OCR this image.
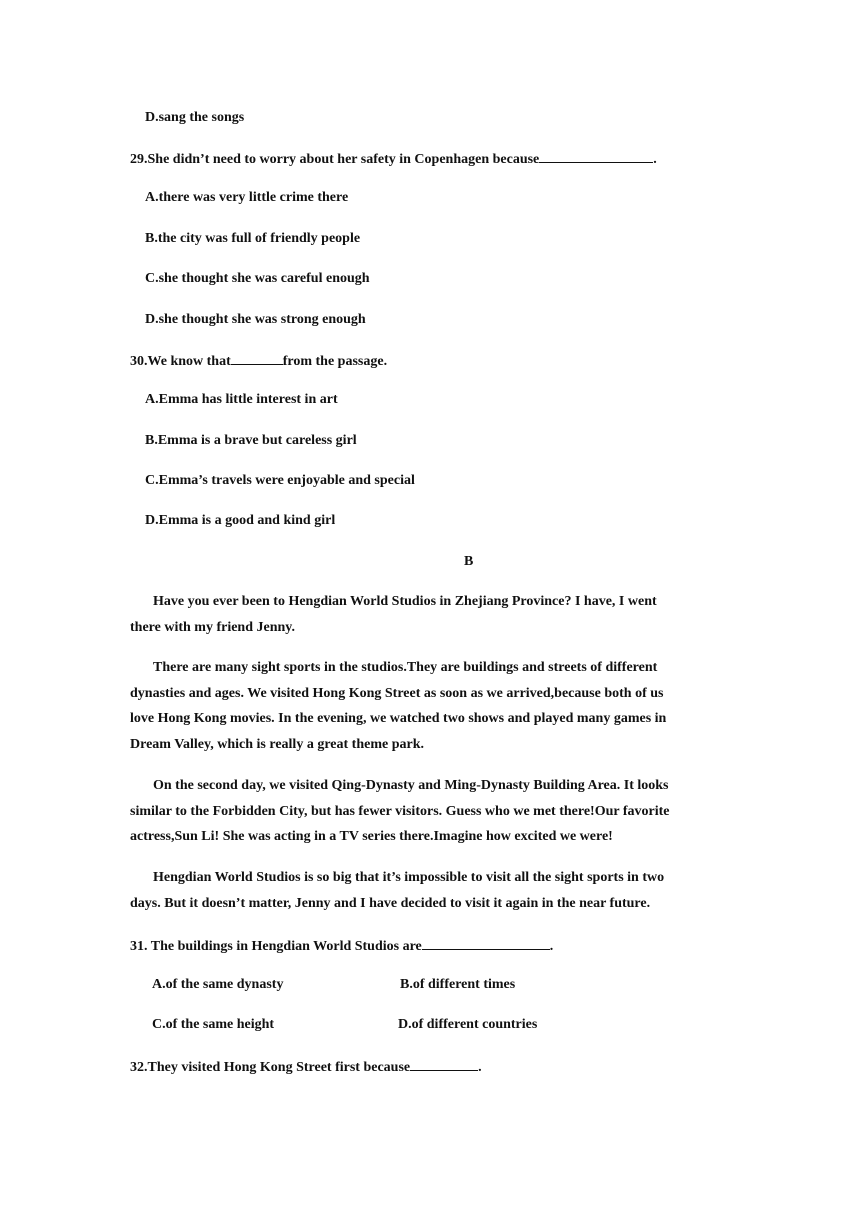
D.sang the songs
29.She didn’t need to worry about her safety in Copenhagen because	.
A.there was very little crime there
B.the city was full of friendly people
C.she thought she was careful enough
D.she thought she was strong enough
30.We know that	from the passage.
A.Emma has little interest in art
B.Emma is a brave but careless girl
C.Emma’s travels were enjoyable and special
D.Emma is a good and kind girl
B
Have you ever been to Hengdian World Studios in Zhejiang Province? I have, I went
there with my friend Jenny.
There are many sight sports in the studios.They are buildings and streets of different
dynasties and ages. We visited Hong Kong Street as soon as we arrived,because both of us
love Hong Kong movies. In the evening, we watched two shows and played many games in
Dream Valley, which is really a great theme park.
On the second day, we visited Qing-Dynasty and Ming-Dynasty Building Area. It looks
similar to the Forbidden City, but has fewer visitors. Guess who we met there!Our favorite
actress,Sun Li! She was acting in a TV series there.Imagine how excited we were!
Hengdian World Studios is so big that it’s impossible to visit all the sight sports in two
days. But it doesn’t matter, Jenny and I have decided to visit it again in the near future.
31. The buildings in Hengdian World Studios are	.
A.of the same dynasty	B.of different times
C.of the same height	D.of different countries
32.They visited Hong Kong Street first because	.
